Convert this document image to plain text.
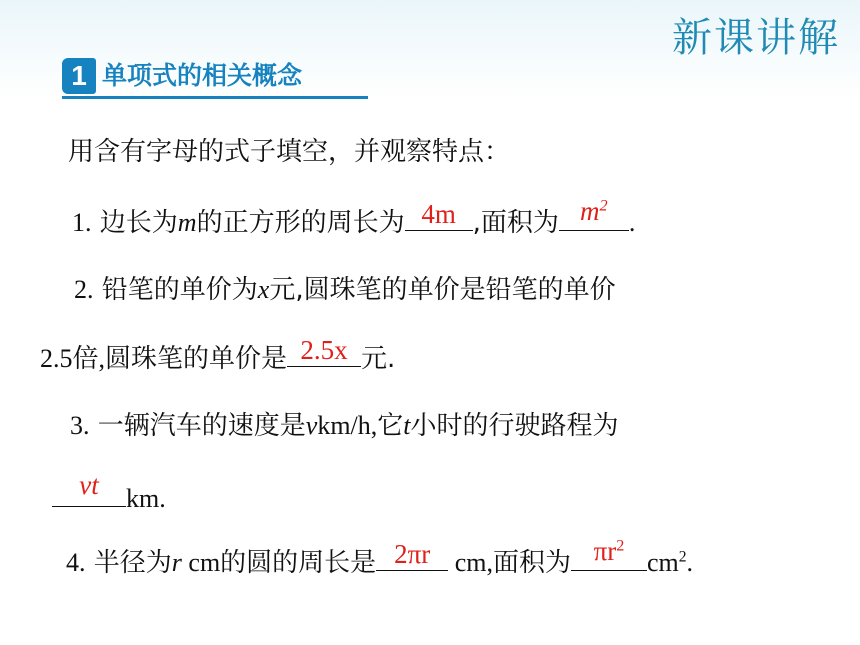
新课讲解
1 单项式的相关概念
用含有字母的式子填空，并观察特点：
1. 边长为m的正方形的周长为 4m ,面积为 $m^2$
.
2. 铅笔的单价为x元,圆珠笔的单价是铅笔的单价
2.5倍,圆珠笔的单价是 2.5x 元.
3. 一辆汽车的速度是vkm/h,它t小时的行驶路程为
vt	km.
4. 半径为r cm的圆的周长是 2πr cm,面积为 $\pi r^2$
$cm^2$.
